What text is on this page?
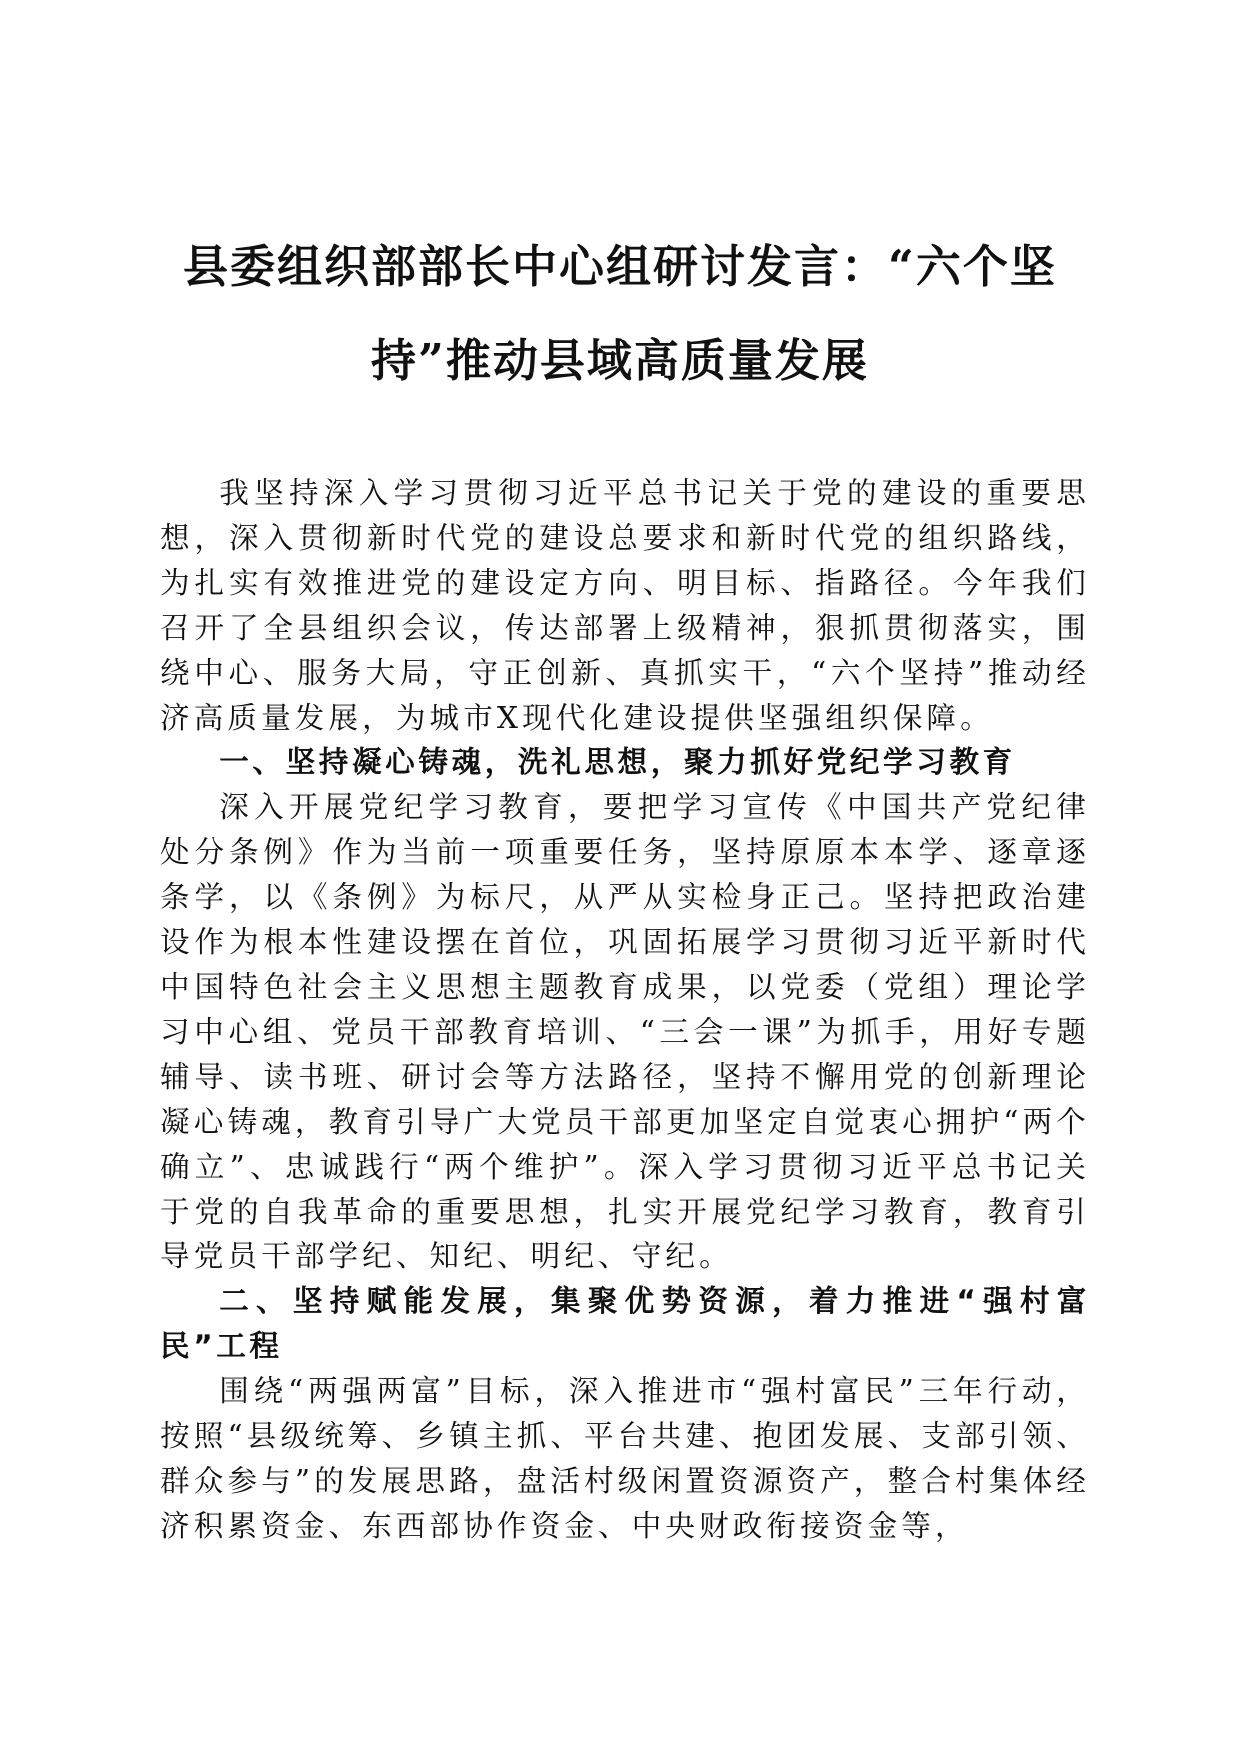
县委组织部部长中心组研讨发言：“六个坚持”推动县域高质量发展

我坚持深入学习贯彻习近平总书记关于党的建设的重要思想，深入贯彻新时代党的建设总要求和新时代党的组织路线，为扎实有效推进党的建设定方向、明目标、指路径。今年我们召开了全县组织会议，传达部署上级精神，狠抓贯彻落实，围绕中心、服务大局，守正创新、真抓实干，“六个坚持”推动经济高质量发展，为城市X现代化建设提供坚强组织保障。

一、坚持凝心铸魂，洗礼思想，聚力抓好党纪学习教育

深入开展党纪学习教育，要把学习宣传《中国共产党纪律处分条例》作为当前一项重要任务，坚持原原本本学、逐章逐条学，以《条例》为标尺，从严从实检身正己。坚持把政治建设作为根本性建设摆在首位，巩固拓展学习贯彻习近平新时代中国特色社会主义思想主题教育成果，以党委（党组）理论学习中心组、党员干部教育培训、“三会一课”为抓手，用好专题辅导、读书班、研讨会等方法路径，坚持不懈用党的创新理论凝心铸魂，教育引导广大党员干部更加坚定自觉衷心拥护“两个确立”、忠诚践行“两个维护”。深入学习贯彻习近平总书记关于党的自我革命的重要思想，扎实开展党纪学习教育，教育引导党员干部学纪、知纪、明纪、守纪。

二、坚持赋能发展，集聚优势资源，着力推进“强村富民”工程

围绕“两强两富”目标，深入推进市“强村富民”三年行动，按照“县级统筹、乡镇主抓、平台共建、抱团发展、支部引领、群众参与”的发展思路，盘活村级闲置资源资产，整合村集体经济积累资金、东西部协作资金、中央财政衔接资金等，
